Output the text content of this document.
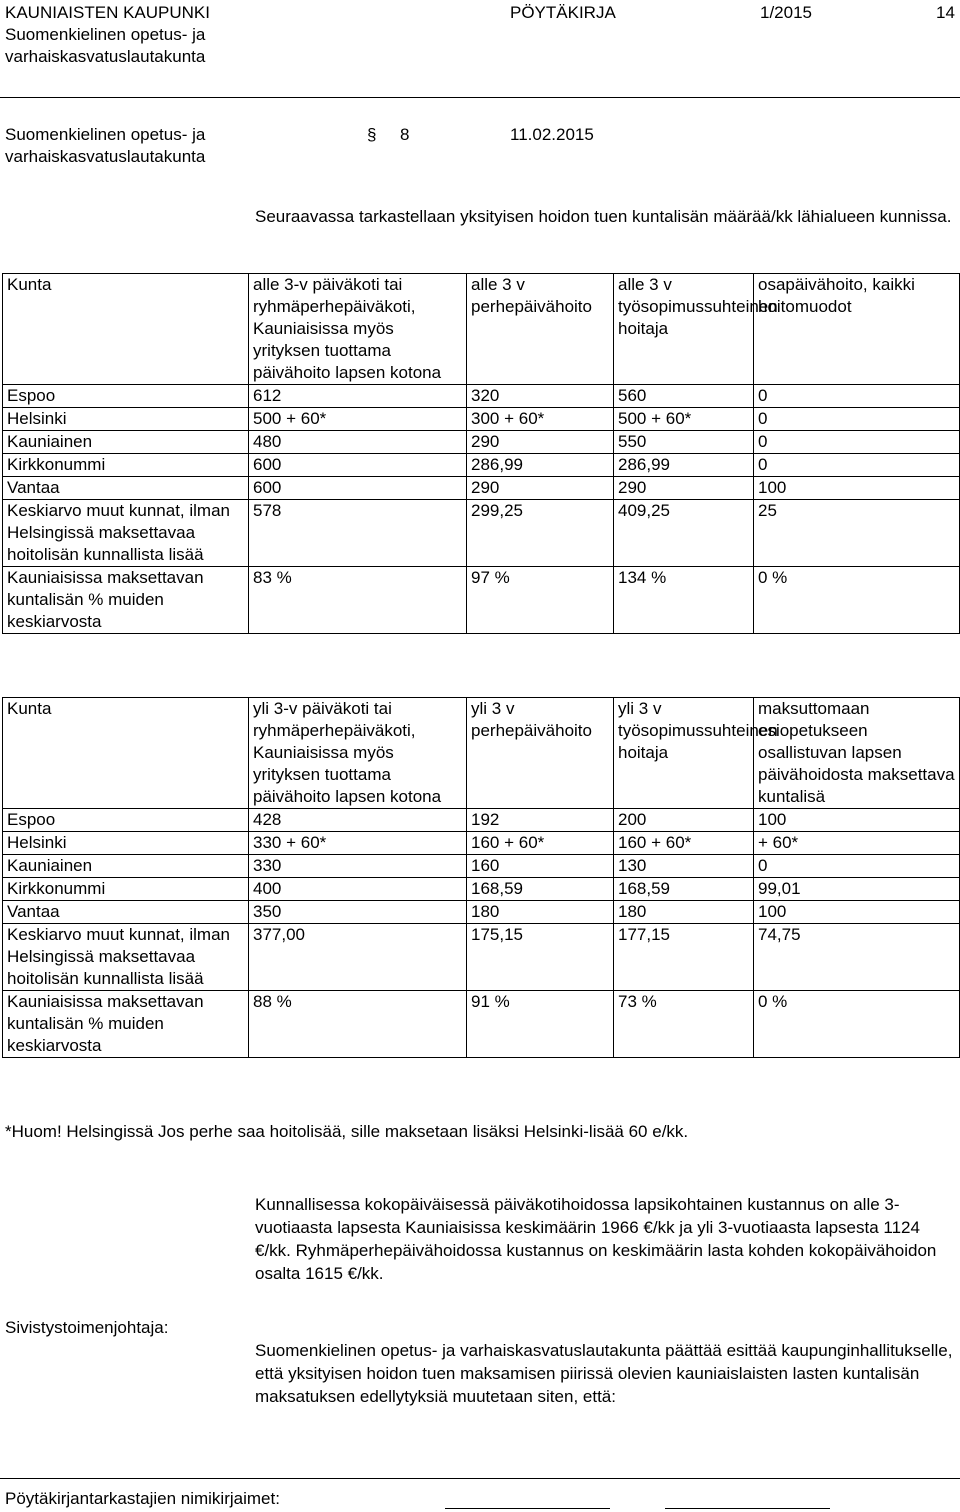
KAUNIAISTEN KAUPUNKI
Suomenkielinen opetus- ja
varhaiskasvatuslautakunta
PÖYTÄKIRJA	1/2015	14
Suomenkielinen opetus- ja
varhaiskasvatuslautakunta
§ 8	11.02.2015
Seuraavassa tarkastellaan yksityisen hoidon tuen kuntalisän määrää/kk lähialueen kunnissa.
Kunta	alle 3-v päiväkoti tai ryhmäperhepäiväkoti, Kauniaisissa myös yrityksen tuottama päivähoito lapsen kotona	alle 3 v perhepäivähoito	alle 3 v työsopimussuhteinen hoitaja	osapäivähoito, kaikki hoitomuodot
Espoo	612	320	560	0
Helsinki	500 + 60*	300 + 60*	500 + 60*	0
Kauniainen	480	290	550	0
Kirkkonummi	600	286,99	286,99	0
Vantaa	600	290	290	100
Keskiarvo muut kunnat, ilman Helsingissä maksettavaa hoitolisän kunnallista lisää	578	299,25	409,25	25
Kauniaisissa maksettavan kuntalisän % muiden keskiarvosta	83 %	97 %	134 %	0 %
Kunta	yli 3-v päiväkoti tai ryhmäperhepäiväkoti, Kauniaisissa myös yrityksen tuottama päivähoito lapsen kotona	yli 3 v perhepäivähoito	yli 3 v työsopimussuhteinen hoitaja	maksuttomaan esiopetukseen osallistuvan lapsen päivähoidosta maksettava kuntalisä
Espoo	428	192	200	100
Helsinki	330 + 60*	160 + 60*	160 + 60*	+ 60*
Kauniainen	330	160	130	0
Kirkkonummi	400	168,59	168,59	99,01
Vantaa	350	180	180	100
Keskiarvo muut kunnat, ilman Helsingissä maksettavaa hoitolisän kunnallista lisää	377,00	175,15	177,15	74,75
Kauniaisissa maksettavan kuntalisän % muiden keskiarvosta	88 %	91 %	73 %	0 %
*Huom! Helsingissä Jos perhe saa hoitolisää, sille maksetaan lisäksi Helsinki-lisää 60 e/kk.
Kunnallisessa kokopäiväisessä päiväkotihoidossa lapsikohtainen kustannus on alle 3-vuotiaasta lapsesta Kauniaisissa keskimäärin 1966 €/kk ja yli 3-vuotiaasta lapsesta 1124 €/kk. Ryhmäperhepäivähoidossa kustannus on keskimäärin lasta kohden kokopäivähoidon osalta 1615 €/kk.
Sivistystoimenjohtaja:
Suomenkielinen opetus- ja varhaiskasvatuslautakunta päättää esittää kaupunginhallitukselle, että yksityisen hoidon tuen maksamisen piirissä olevien kauniaislaisten lasten kuntalisän maksatuksen edellytyksiä muutetaan siten, että:
Pöytäkirjantarkastajien nimikirjaimet:
